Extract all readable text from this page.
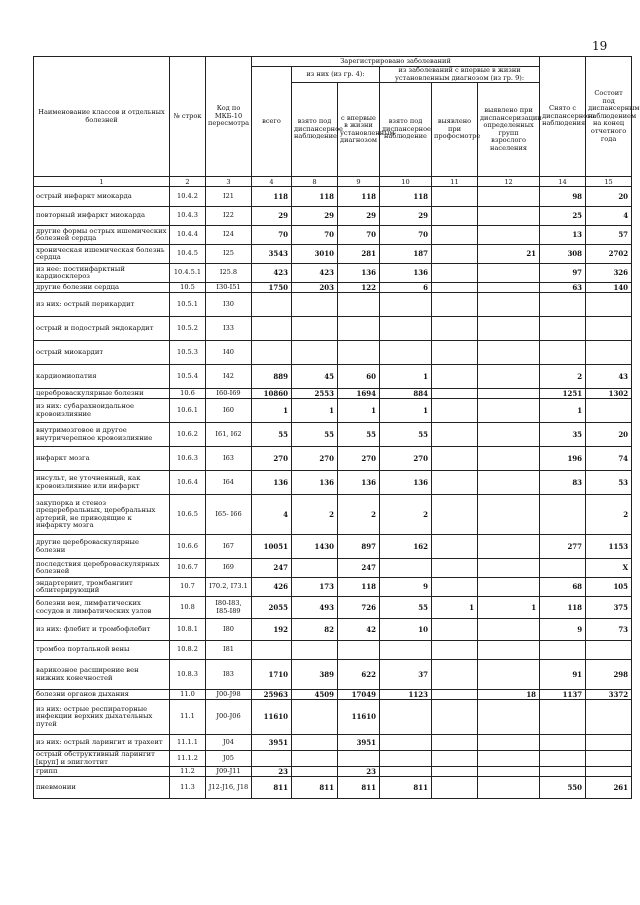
19
Наименование классов и отдельных болезней	№ строк	Код по МКБ-10 пересмотра	Зарегистрировано заболеваний						Снято с диспансерного наблюдения	Состоит под диспансерным наблюдением на конец отчетного года
			всего	из них (из гр. 4):		из заболеваний с впервые в жизни установленным диагнозом (из гр. 9):				
				взято под диспансерное наблюдение	с впервые в жизни установленным диагнозом	взято под диспансерное наблюдение	выявлено при профосмотре	выявлено при диспансеризации определенных групп взрослого населения		
1	2	3	4	8	9	10	11	12	14	15
острый инфаркт миокарда	10.4.2	I21	118	118	118	118			98	20
повторный инфаркт миокарда	10.4.3	I22	29	29	29	29			25	4
другие формы острых ишемических болезней сердца	10.4.4	I24	70	70	70	70			13	57
хроническая ишемическая болезнь сердца	10.4.5	I25	3543	3010	281	187		21	308	2702
из нее: постинфарктный кардиосклероз	10.4.5.1	I25.8	423	423	136	136			97	326
другие болезни сердца	10.5	I30-I51	1750	203	122	6			63	140
из них: острый перикардит	10.5.1	I30								
острый и подострый эндокардит	10.5.2	I33								
острый миокардит	10.5.3	I40								
кардиомиопатия	10.5.4	I42	889	45	60	1			2	43
цереброваскулярные болезни	10.6	I60-I69	10860	2553	1694	884			1251	1302
из них: субарахноидальное кровоизлияние	10.6.1	I60	1	1	1	1			1	
внутримозговое и другое внутричерепное кровоизлияние	10.6.2	I61, I62	55	55	55	55			35	20
инфаркт мозга	10.6.3	I63	270	270	270	270			196	74
инсульт, не уточненный, как кровоизлияние или инфаркт	10.6.4	I64	136	136	136	136			83	53
закупорка и стеноз прецеребральных, церебральных артерий, не приводящие к инфаркту мозга	10.6.5	I65- I66	4	2	2	2				2
другие цереброваскулярные болезни	10.6.6	I67	10051	1430	897	162			277	1153
последствия цереброваскулярных болезней	10.6.7	I69	247		247					X
эндартериит, тромбангиит облитерирующий	10.7	I70.2, I73.1	426	173	118	9			68	105
болезни вен, лимфатических сосудов и лимфатических узлов	10.8	I80-I83, I85-I89	2055	493	726	55	1	1	118	375
из них: флебит и тромбофлебит	10.8.1	I80	192	82	42	10			9	73
тромбоз портальной вены	10.8.2	I81								
варикозное расширение вен нижних конечностей	10.8.3	I83	1710	389	622	37			91	298
болезни органов дыхания	11.0	J00-J98	25963	4509	17049	1123		18	1137	3372
из них: острые респираторные инфекции верхних дыхательных путей	11.1	J00-J06	11610		11610					
из них: острый ларингит и трахеит	11.1.1	J04	3951		3951					
острый обструктивный ларингит [круп] и эпиглоттит	11.1.2	J05								
грипп	11.2	J09-J11	23		23					
пневмонии	11.3	J12-J16, J18	811	811	811	811			550	261
